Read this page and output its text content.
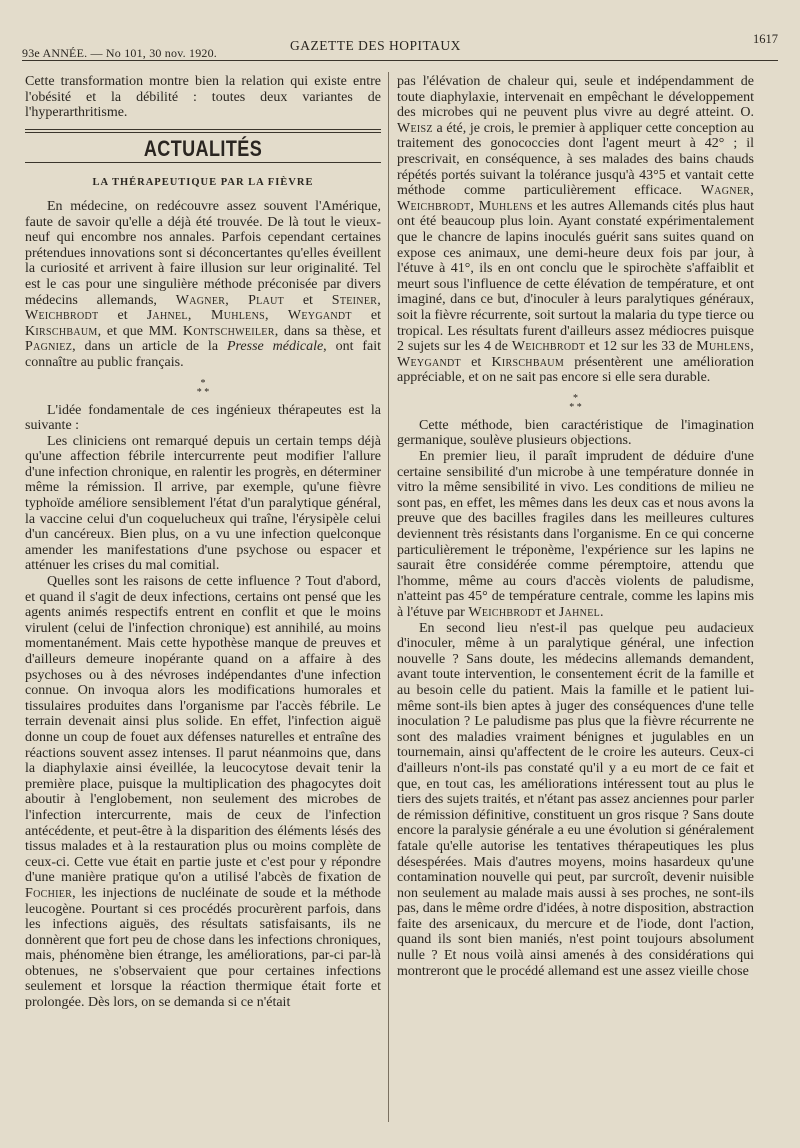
93e ANNÉE. — No 101, 30 nov. 1920.	GAZETTE DES HOPITAUX	1617

Cette transformation montre bien la relation qui existe entre l'obésité et la débilité : toutes deux variantes de l'hyperarthritisme.

ACTUALITÉS
LA THÉRAPEUTIQUE PAR LA FIÈVRE

En médecine, on redécouvre assez souvent l'Amérique, faute de savoir qu'elle a déjà été trouvée. De là tout le vieux-neuf qui encombre nos annales. Parfois cependant certaines prétendues innovations sont si déconcertantes qu'elles éveillent la curiosité et arrivent à faire illusion sur leur originalité. Tel est le cas pour une singulière méthode préconisée par divers médecins allemands, Wagner, Plaut et Steiner, Weichbrodt et Jahnel, Muhlens, Weygandt et Kirschbaum, et que MM. Kontschweiler, dans sa thèse, et Pagniez, dans un article de la Presse médicale, ont fait connaître au public français.

*
* *

L'idée fondamentale de ces ingénieux thérapeutes est la suivante :

Les cliniciens ont remarqué depuis un certain temps déjà qu'une affection fébrile intercurrente peut modifier l'allure d'une infection chronique, en ralentir les progrès, en déterminer même la rémission. Il arrive, par exemple, qu'une fièvre typhoïde améliore sensiblement l'état d'un paralytique général, la vaccine celui d'un coquelucheux qui traîne, l'érysipèle celui d'un cancéreux. Bien plus, on a vu une infection quelconque amender les manifestations d'une psychose ou espacer et atténuer les crises du mal comitial.

Quelles sont les raisons de cette influence ? Tout d'abord, et quand il s'agit de deux infections, certains ont pensé que les agents animés respectifs entrent en conflit et que le moins virulent (celui de l'infection chronique) est annihilé, au moins momentanément. Mais cette hypothèse manque de preuves et d'ailleurs demeure inopérante quand on a affaire à des psychoses ou à des névroses indépendantes d'une infection connue. On invoqua alors les modifications humorales et tissulaires produites dans l'organisme par l'accès fébrile. Le terrain devenait ainsi plus solide. En effet, l'infection aiguë donne un coup de fouet aux défenses naturelles et entraîne des réactions souvent assez intenses. Il parut néanmoins que, dans la diaphylaxie ainsi éveillée, la leucocytose devait tenir la première place, puisque la multiplication des phagocytes doit aboutir à l'englobement, non seulement des microbes de l'infection intercurrente, mais de ceux de l'infection antécédente, et peut-être à la disparition des éléments lésés des tissus malades et à la restauration plus ou moins complète de ceux-ci. Cette vue était en partie juste et c'est pour y répondre d'une manière pratique qu'on a utilisé l'abcès de fixation de Fochier, les injections de nucléinate de soude et la méthode leucogène. Pourtant si ces procédés procurèrent parfois, dans les infections aiguës, des résultats satisfaisants, ils ne donnèrent que fort peu de chose dans les infections chroniques, mais, phénomène bien étrange, les améliorations, par-ci par-là obtenues, ne s'observaient que pour certaines infections seulement et lorsque la réaction thermique était forte et prolongée. Dès lors, on se demanda si ce n'était

pas l'élévation de chaleur qui, seule et indépendamment de toute diaphylaxie, intervenait en empêchant le développement des microbes qui ne peuvent plus vivre au degré atteint. O. Weisz a été, je crois, le premier à appliquer cette conception au traitement des gonococcies dont l'agent meurt à 42° ; il prescrivait, en conséquence, à ses malades des bains chauds répétés portés suivant la tolérance jusqu'à 43°5 et vantait cette méthode comme particulièrement efficace. Wagner, Weichbrodt, Muhlens et les autres Allemands cités plus haut ont été beaucoup plus loin. Ayant constaté expérimentalement que le chancre de lapins inoculés guérit sans suites quand on expose ces animaux, une demi-heure deux fois par jour, à l'étuve à 41°, ils en ont conclu que le spirochète s'affaiblit et meurt sous l'influence de cette élévation de température, et ont imaginé, dans ce but, d'inoculer à leurs paralytiques généraux, soit la fièvre récurrente, soit surtout la malaria du type tierce ou tropical. Les résultats furent d'ailleurs assez médiocres puisque 2 sujets sur les 4 de Weichbrodt et 12 sur les 33 de Muhlens, Weygandt et Kirschbaum présentèrent une amélioration appréciable, et on ne sait pas encore si elle sera durable.

*
* *

Cette méthode, bien caractéristique de l'imagination germanique, soulève plusieurs objections.

En premier lieu, il paraît imprudent de déduire d'une certaine sensibilité d'un microbe à une température donnée in vitro la même sensibilité in vivo. Les conditions de milieu ne sont pas, en effet, les mêmes dans les deux cas et nous avons la preuve que des bacilles fragiles dans les meilleures cultures deviennent très résistants dans l'organisme. En ce qui concerne particulièrement le tréponème, l'expérience sur les lapins ne saurait être considérée comme péremptoire, attendu que l'homme, même au cours d'accès violents de paludisme, n'atteint pas 45° de température centrale, comme les lapins mis à l'étuve par Weichbrodt et Jahnel.

En second lieu n'est-il pas quelque peu audacieux d'inoculer, même à un paralytique général, une infection nouvelle ? Sans doute, les médecins allemands demandent, avant toute intervention, le consentement écrit de la famille et au besoin celle du patient. Mais la famille et le patient lui-même sont-ils bien aptes à juger des conséquences d'une telle inoculation ? Le paludisme pas plus que la fièvre récurrente ne sont des maladies vraiment bénignes et jugulables en un tournemain, ainsi qu'affectent de le croire les auteurs. Ceux-ci d'ailleurs n'ont-ils pas constaté qu'il y a eu mort de ce fait et que, en tout cas, les améliorations intéressent tout au plus le tiers des sujets traités, et n'étant pas assez anciennes pour parler de rémission définitive, constituent un gros risque ? Sans doute encore la paralysie générale a eu une évolution si généralement fatale qu'elle autorise les tentatives thérapeutiques les plus désespérées. Mais d'autres moyens, moins hasardeux qu'une contamination nouvelle qui peut, par surcroît, devenir nuisible non seulement au malade mais aussi à ses proches, ne sont-ils pas, dans le même ordre d'idées, à notre disposition, abstraction faite des arsenicaux, du mercure et de l'iode, dont l'action, quand ils sont bien maniés, n'est point toujours absolument nulle ? Et nous voilà ainsi amenés à des considérations qui montreront que le procédé allemand est une assez vieille chose
